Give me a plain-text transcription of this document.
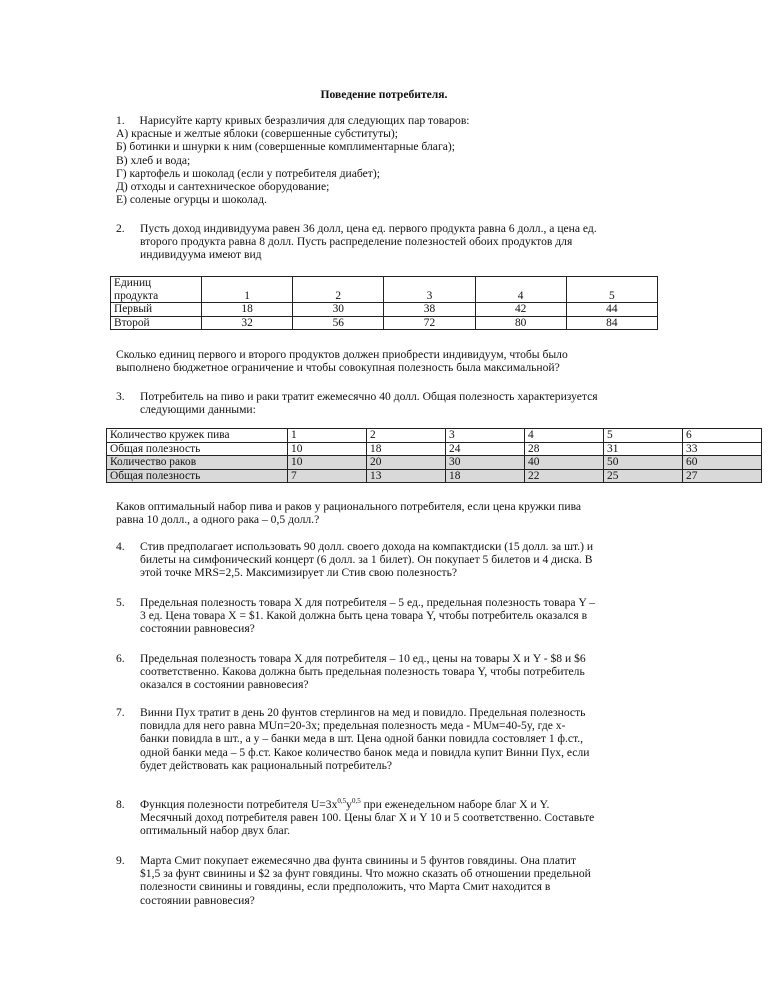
Поведение потребителя.
1. Нарисуйте карту кривых безразличия для следующих пар товаров:
А) красные и желтые яблоки (совершенные субституты);
Б) ботинки и шнурки к ним (совершенные комплиментарные блага);
В) хлеб и вода;
Г) картофель и шоколад (если у потребителя диабет);
Д) отходы и сантехническое оборудование;
Е) соленые огурцы и шоколад.
2. Пусть доход индивидуума равен 36 долл, цена ед. первого продукта равна 6 долл., а цена ед.
второго продукта равна 8 долл. Пусть распределение полезностей обоих продуктов для
индивидуума имеют вид
Единиц
продукта	1	2	3	4	5
Первый	18	30	38	42	44
Второй	32	56	72	80	84
Сколько единиц первого и второго продуктов должен приобрести индивидуум, чтобы было
выполнено бюджетное ограничение и чтобы совокупная полезность была максимальной?
3. Потребитель на пиво и раки тратит ежемесячно 40 долл. Общая полезность характеризуется
следующими данными:
Количество кружек пива	1	2	3	4	5	6
Общая полезность	10	18	24	28	31	33
Количество раков	10	20	30	40	50	60
Общая полезность	7	13	18	22	25	27
Каков оптимальный набор пива и раков у рационального потребителя, если цена кружки пива
равна 10 долл., а одного рака – 0,5 долл.?
4. Стив предполагает использовать 90 долл. своего дохода на компактдиски (15 долл. за шт.) и
билеты на симфонический концерт (6 долл. за 1 билет). Он покупает 5 билетов и 4 диска. В
этой точке MRS=2,5. Максимизирует ли Стив свою полезность?
5. Предельная полезность товара X для потребителя – 5 ед., предельная полезность товара Y –
3 ед. Цена товара X = $1. Какой должна быть цена товара Y, чтобы потребитель оказался в
состоянии равновесия?
6. Предельная полезность товара X для потребителя – 10 ед., цены на товары X и Y - $8 и $6
соответственно. Какова должна быть предельная полезность товара Y, чтобы потребитель
оказался в состоянии равновесия?
7. Винни Пух тратит в день 20 фунтов стерлингов на мед и повидло. Предельная полезность
повидла для него равна MUп=20-3х; предельная полезность меда - MUм=40-5y, где х-
банки повидла в шт., а у – банки меда в шт. Цена одной банки повидла состовляет 1 ф.ст.,
одной банки меда – 5 ф.ст. Какое количество банок меда и повидла купит Винни Пух, если
будет действовать как рациональный потребитель?
8. Функция полезности потребителя $U=3x^{0,5}y^{0,5}$ при еженедельном наборе благ X и Y.
Месячный доход потребителя равен 100. Цены благ X и Y 10 и 5 соответственно. Составьте
оптимальный набор двух благ.
9. Марта Смит покупает ежемесячно два фунта свинины и 5 фунтов говядины. Она платит
$1,5 за фунт свинины и $2 за фунт говядины. Что можно сказать об отношении предельной
полезности свинины и говядины, если предположить, что Марта Смит находится в
состоянии равновесия?
